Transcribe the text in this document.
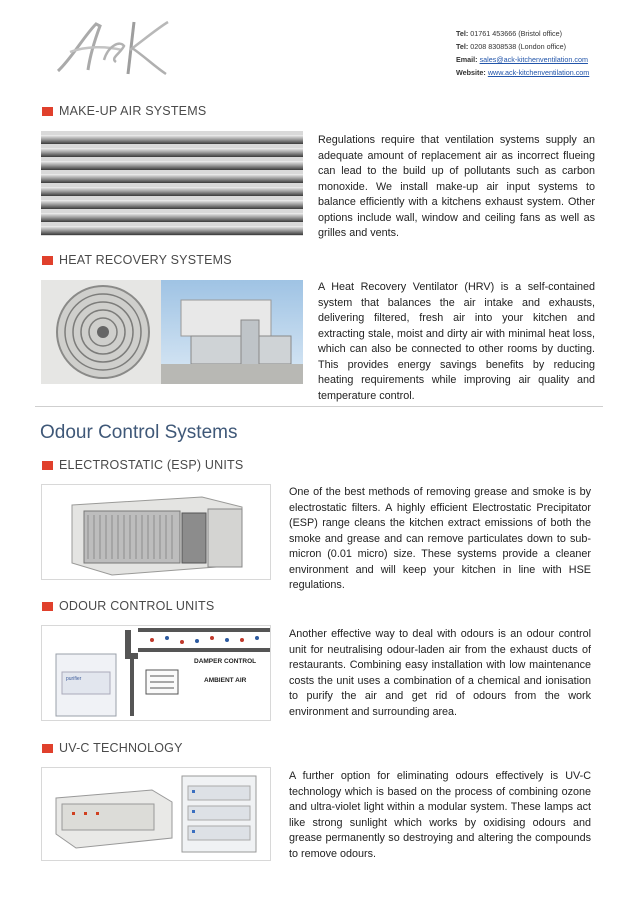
Tel: 01761 453666 (Bristol office)
Tel: 0208 8308538 (London office)
Email: sales@ack-kitchenventilation.com
Website: www.ack-kitchenventilation.com
MAKE-UP AIR SYSTEMS
Regulations require that ventilation systems supply an adequate amount of replacement air as incorrect flueing can lead to the build up of pollutants such as carbon monoxide. We install make-up air input systems to balance efficiently with a kitchens exhaust system. Other options include wall, window and ceiling fans as well as grilles and vents.
HEAT RECOVERY SYSTEMS
A Heat Recovery Ventilator (HRV) is a self-contained system that balances the air intake and exhausts, delivering filtered, fresh air into your kitchen and extracting stale, moist and dirty air with minimal heat loss, which can also be connected to other rooms by ducting. This provides energy savings benefits by reducing heating requirements while improving air quality and temperature control.
Odour Control Systems
ELECTROSTATIC (ESP) UNITS
One of the best methods of removing grease and smoke is by electrostatic filters. A highly efficient Electrostatic Precipitator (ESP) range cleans the kitchen extract emissions of both the smoke and grease and can remove particulates down to sub-micron (0.01 micro) size. These systems provide a cleaner environment and will keep your kitchen in line with HSE regulations.
ODOUR CONTROL UNITS
purifier
DAMPER CONTROL
AMBIENT AIR
Another effective way to deal with odours is an odour control unit for neutralising odour-laden air from the exhaust ducts of restaurants. Combining easy installation with low maintenance costs the unit uses a combination of a chemical and ionisation to purify the air and get rid of odours from the work environment and surrounding area.
UV-C TECHNOLOGY
A further option for eliminating odours effectively is UV-C technology which is based on the process of combining ozone and ultra-violet light within a modular system. These lamps act like strong sunlight which works by oxidising odours and grease permanently so destroying and altering the compounds to remove odours.
